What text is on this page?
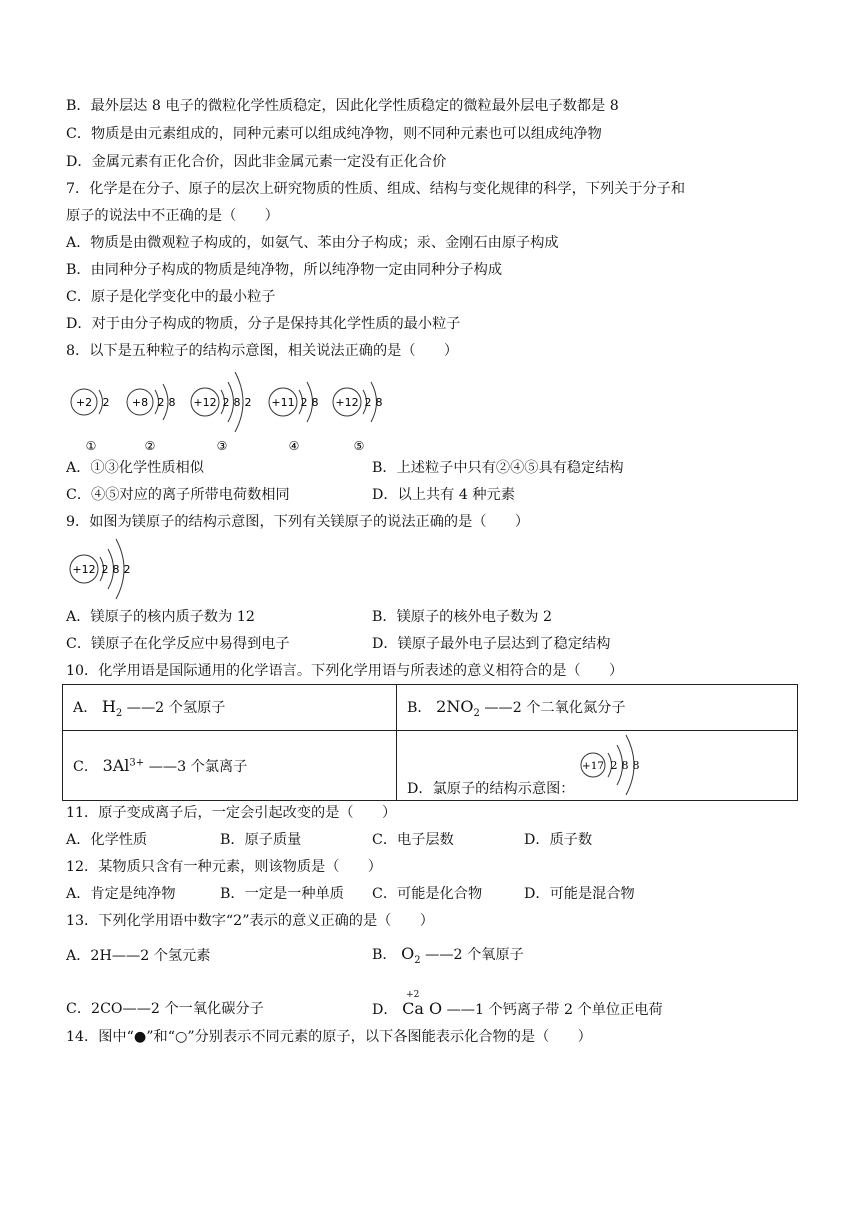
B．最外层达 8 电子的微粒化学性质稳定，因此化学性质稳定的微粒最外层电子数都是 8
C．物质是由元素组成的，同种元素可以组成纯净物，则不同种元素也可以组成纯净物
D．金属元素有正化合价，因此非金属元素一定没有正化合价
7．化学是在分子、原子的层次上研究物质的性质、组成、结构与变化规律的科学，下列关于分子和
原子的说法中不正确的是（　　）
A．物质是由微观粒子构成的，如氨气、苯由分子构成；汞、金刚石由原子构成
B．由同种分子构成的物质是纯净物，所以纯净物一定由同种分子构成
C．原子是化学变化中的最小粒子
D．对于由分子构成的物质，分子是保持其化学性质的最小粒子
8．以下是五种粒子的结构示意图，相关说法正确的是（　　）
+2 2
①
+8 2 8
②
+12 2 8 2
③
+11 2 8
④
+12 2 8
⑤
A．①③化学性质相似	B．上述粒子中只有②④⑤具有稳定结构
C．④⑤对应的离子所带电荷数相同	D．以上共有 4 种元素
9．如图为镁原子的结构示意图，下列有关镁原子的说法正确的是（　　）
+12 2 8 2
A．镁原子的核内质子数为 12	B．镁原子的核外电子数为 2
C．镁原子在化学反应中易得到电子	D．镁原子最外电子层达到了稳定结构
10．化学用语是国际通用的化学语言。下列化学用语与所表述的意义相符合的是（　　）
A． $H_2$ ——2 个氢原子	B． $2NO_2$ ——2 个二氧化氮分子
C． $3Al^{3+}$ ——3 个氯离子	D．氯原子的结构示意图：
+17 2 8 8
11．原子变成离子后，一定会引起改变的是（　　）
A．化学性质	B．原子质量	C．电子层数	D．质子数
12．某物质只含有一种元素，则该物质是（　　）
A．肯定是纯净物	B．一定是一种单质 C．可能是化合物	D．可能是混合物
13．下列化学用语中数字“2”表示的意义正确的是（　　）
A．2H——2 个氢元素	B． $O_2$ ——2 个氧原子
C．2CO——2 个一氧化碳分子	D．
+2
Ca O ——1 个钙离子带 2 个单位正电荷
14．图中“●”和“○”分别表示不同元素的原子，以下各图能表示化合物的是（　　）
